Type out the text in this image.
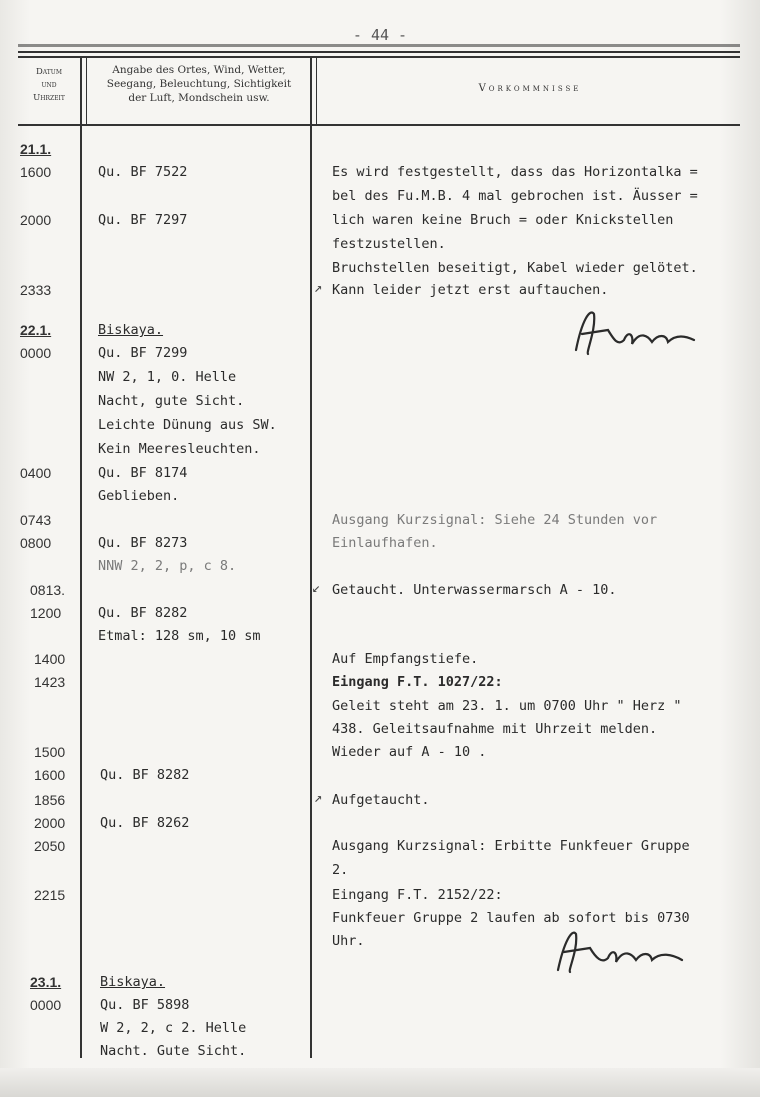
- 44 -
Datum
und
Uhrzeit
Angabe des Ortes, Wind, Wetter,
Seegang, Beleuchtung, Sichtigkeit
der Luft, Mondschein usw.
Vorkommnisse
21.1.
1600
2000
2333
22.1.
0000
0400
0743
0800
0813.
1200
1400
1423
1500
1600
1856
2000
2050
2215
23.1.
0000
Qu. BF 7522
Qu. BF 7297
Biskaya.
Qu. BF 7299
NW 2, 1, 0. Helle
Nacht, gute Sicht.
Leichte Dünung aus SW.
Kein Meeresleuchten.
Qu. BF 8174
Geblieben.
Qu. BF 8273
NNW 2, 2, p, c 8.
Qu. BF 8282
Etmal: 128 sm, 10 sm
Qu. BF 8282
Qu. BF 8262
Biskaya.
Qu. BF 5898
W 2, 2, c 2. Helle
Nacht. Gute Sicht.
Es wird festgestellt, dass das Horizontalka =
bel des Fu.M.B. 4 mal gebrochen ist. Äusser =
lich waren keine Bruch = oder Knickstellen
festzustellen.
Bruchstellen beseitigt, Kabel wieder gelötet.
Kann leider jetzt erst auftauchen.
Ausgang Kurzsignal: Siehe 24 Stunden vor
Einlaufhafen.
Getaucht. Unterwassermarsch A - 10.
Auf Empfangstiefe.
Eingang F.T. 1027/22:
Geleit steht am 23. 1. um 0700 Uhr " Herz "
438. Geleitsaufnahme mit Uhrzeit melden.
Wieder auf A - 10 .
Aufgetaucht.
Ausgang Kurzsignal: Erbitte Funkfeuer Gruppe
2.
Eingang F.T. 2152/22:
Funkfeuer Gruppe 2 laufen ab sofort bis 0730
Uhr.
↗
↙
↗
